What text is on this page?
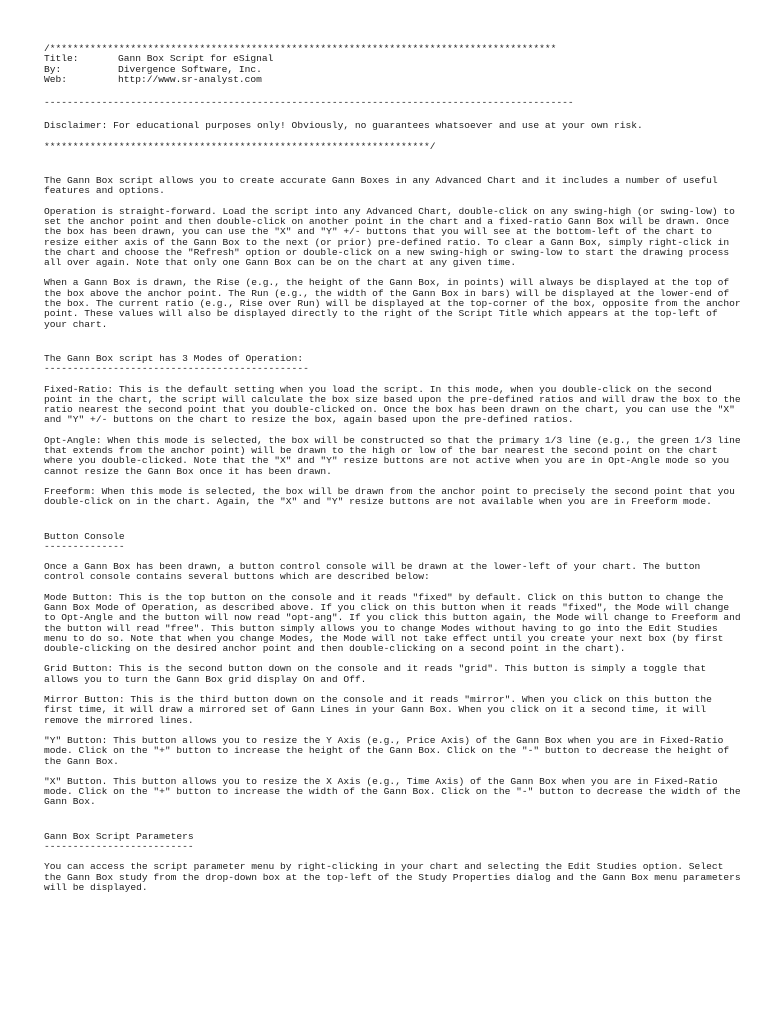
/****************************************************************************************
Title:	Gann Box Script for eSignal
By:	Divergence Software, Inc.
Web:	http://www.sr-analyst.com
--------------------------------------------------------------------------------------------

Disclaimer: For educational purposes only! Obviously, no guarantees whatsoever and use at your own risk.

*******************************************************************/

The Gann Box script allows you to create accurate Gann Boxes in any Advanced Chart and it includes a number of useful features and options.

Operation is straight-forward. Load the script into any Advanced Chart, double-click on any swing-high (or swing-low) to set the anchor point and then double-click on another point in the chart and a fixed-ratio Gann Box will be drawn. Once the box has been drawn, you can use the "X" and "Y" +/- buttons that you will see at the bottom-left of the chart to resize either axis of the Gann Box to the next (or prior) pre-defined ratio. To clear a Gann Box, simply right-click in the chart and choose the "Refresh" option or double-click on a new swing-high or swing-low to start the drawing process all over again. Note that only one Gann Box can be on the chart at any given time.

When a Gann Box is drawn, the Rise (e.g., the height of the Gann Box, in points) will always be displayed at the top of the box above the anchor point. The Run (e.g., the width of the Gann Box in bars) will be displayed at the lower-end of the box. The current ratio (e.g., Rise over Run) will be displayed at the top-corner of the box, opposite from the anchor point. These values will also be displayed directly to the right of the Script Title which appears at the top-left of your chart.

The Gann Box script has 3 Modes of Operation:
----------------------------------------------

Fixed-Ratio: This is the default setting when you load the script. In this mode, when you double-click on the second point in the chart, the script will calculate the box size based upon the pre-defined ratios and will draw the box to the ratio nearest the second point that you double-clicked on. Once the box has been drawn on the chart, you can use the "X" and "Y" +/- buttons on the chart to resize the box, again based upon the pre-defined ratios.

Opt-Angle: When this mode is selected, the box will be constructed so that the primary 1/3 line (e.g., the green 1/3 line that extends from the anchor point) will be drawn to the high or low of the bar nearest the second point on the chart where you double-clicked. Note that the "X" and "Y" resize buttons are not active when you are in Opt-Angle mode so you cannot resize the Gann Box once it has been drawn.

Freeform: When this mode is selected, the box will be drawn from the anchor point to precisely the second point that you double-click on in the chart. Again, the "X" and "Y" resize buttons are not available when you are in Freeform mode.

Button Console
--------------

Once a Gann Box has been drawn, a button control console will be drawn at the lower-left of your chart. The button control console contains several buttons which are described below:

Mode Button: This is the top button on the console and it reads "fixed" by default. Click on this button to change the Gann Box Mode of Operation, as described above. If you click on this button when it reads "fixed", the Mode will change to Opt-Angle and the button will now read "opt-ang". If you click this button again, the Mode will change to Freeform and the button will read "free". This button simply allows you to change Modes without having to go into the Edit Studies menu to do so. Note that when you change Modes, the Mode will not take effect until you create your next box (by first double-clicking on the desired anchor point and then double-clicking on a second point in the chart).

Grid Button: This is the second button down on the console and it reads "grid". This button is simply a toggle that allows you to turn the Gann Box grid display On and Off.

Mirror Button: This is the third button down on the console and it reads "mirror". When you click on this button the first time, it will draw a mirrored set of Gann Lines in your Gann Box. When you click on it a second time, it will remove the mirrored lines.

"Y" Button: This button allows you to resize the Y Axis (e.g., Price Axis) of the Gann Box when you are in Fixed-Ratio mode. Click on the "+" button to increase the height of the Gann Box. Click on the "-" button to decrease the height of the Gann Box.

"X" Button. This button allows you to resize the X Axis (e.g., Time Axis) of the Gann Box when you are in Fixed-Ratio mode. Click on the "+" button to increase the width of the Gann Box. Click on the "-" button to decrease the width of the Gann Box.

Gann Box Script Parameters
--------------------------

You can access the script parameter menu by right-clicking in your chart and selecting the Edit Studies option. Select the Gann Box study from the drop-down box at the top-left of the Study Properties dialog and the Gann Box menu parameters will be displayed.
